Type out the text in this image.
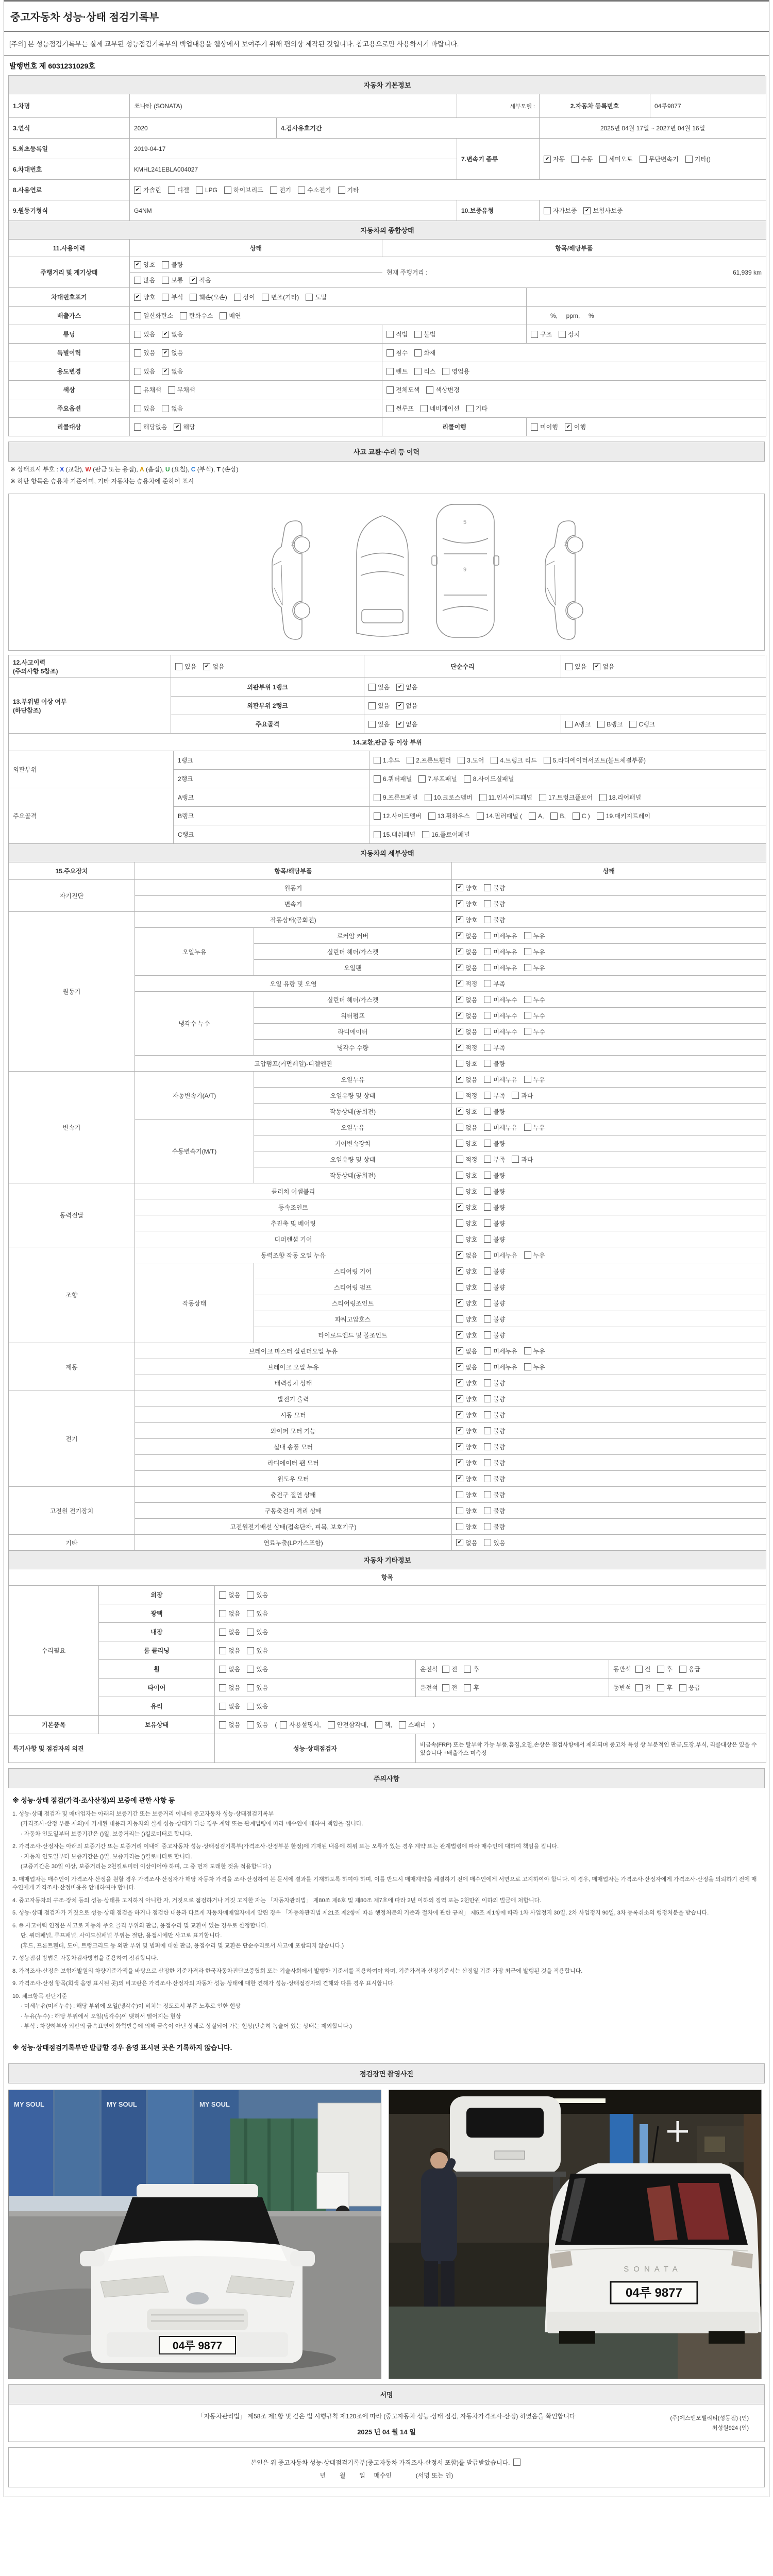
중고자동차 성능·상태 점검기록부
[주의] 본 성능점검기록부는 실제 교부된 성능점검기록부의 백업내용을 웹상에서 보여주기 위해 편의상 제작된 것입니다. 참고용으로만 사용하시기 바랍니다.
발행번호 제 6031231029호
자동차 기본정보
1.차명	쏘나타 (SONATA)	세부모델 :	2.자동차 등록번호	04루9877
3.연식	2020	4.검사유효기간	2025년 04월 17일 ~ 2027년 04월 16일
5.최초등록일	2019-04-17
7.변속기 종류	✔ 자동	수동	세미오토	무단변속기	기타()
6.차대번호	KMHL241EBLA004027
8.사용연료	✔ 가솔린	디젤	LPG	하이브리드	전기	수소전기	기타
9.원동기형식	G4NM	10.보증유형	자가보증 ✔ 보험사보증
자동차의 종합상태
11.사용이력	상태	항목/해당부품
주행거리 및 계기상태
✔ 양호	불량
많음	보통 ✔ 적음
현재 주행거리 :	61,939 km
차대번호표기	✔ 양호	부식	훼손(오손)	상이	변조(기타)	도말
배출가스	일산화탄소	탄화수소	매연	%,     ppm,     %
튜닝	있음 ✔ 없음	적법	불법	구조	장치
특별이력	있음 ✔ 없음	침수	화재
용도변경	있음 ✔ 없음	렌트	리스	영업용
색상	유채색	무채색	전체도색	색상변경
주요옵션	있음	없음	썬루프	네비게이션	기타
리콜대상	해당없음 ✔ 해당	리콜이행	미이행 ✔ 이행
사고 교환·수리 등 이력
※ 상태표시 부호 : X (교환), W (판금 또는 용접), A (흠집), U (요철), C (부식), T (손상)
※ 하단 항목은 승용차 기준이며, 기타 자동차는 승용차에 준하여 표시
2	2
5
9
12.사고이력
(주의사항 5참조)
있음 ✔ 없음	단순수리	있음 ✔ 없음
13.부위별 이상 여부
(하단참조)
외판부위 1랭크	있음 ✔ 없음
외판부위 2랭크	있음 ✔ 없음
주요골격	있음 ✔ 없음	A랭크	B랭크	C랭크
14.교환,판금 등 이상 부위
외판부위
1랭크	1.후드	2.프론트휀더	3.도어	4.트렁크 리드	5.라디에이터서포트(볼트체결부품)
2랭크	6.쿼터패널	7.루프패널	8.사이드실패널
주요골격
A랭크	9.프론트패널	10.크로스멤버	11.인사이드패널	17.트렁크플로어	18.리어패널
B랭크	12.사이드멤버	13.휠하우스	14.필러패널 (	A,	B,	C )	19.패키지트레이
C랭크	15.대쉬패널	16.플로어패널
자동차의 세부상태
15.주요장치	항목/해당부품	상태
자기진단
원동기	✔ 양호	불량
변속기	✔ 양호	불량
원동기
작동상태(공회전)	✔ 양호	불량
오일누유
로커암 커버	✔ 없음	미세누유	누유
실린더 헤더/가스켓	✔ 없음	미세누유	누유
오일팬	✔ 없음	미세누유	누유
오일 유량 및 오염	✔ 적정	부족
냉각수 누수
실린더 헤더/가스켓	✔ 없음	미세누수	누수
워터펌프	✔ 없음	미세누수	누수
라디에이터	✔ 없음	미세누수	누수
냉각수 수량	✔ 적정	부족
고압펌프(커먼레일)-디젤엔진	양호	불량
변속기
자동변속기(A/T)
오일누유	✔ 없음	미세누유	누유
오일유량 및 상태	적정	부족	과다
작동상태(공회전)	✔ 양호	불량
수동변속기(M/T)
오일누유	없음	미세누유	누유
기어변속장치	양호	불량
오일유량 및 상태	적정	부족	과다
작동상태(공회전)	양호	불량
동력전달
클러치 어셈블리	양호	불량
등속조인트	✔ 양호	불량
추진축 및 베어링	양호	불량
디퍼렌셜 기어	양호	불량
조향
동력조향 작동 오일 누유	✔ 없음	미세누유	누유
작동상태
스티어링 기어	✔ 양호	불량
스티어링 펌프	양호	불량
스티어링조인트	✔ 양호	불량
파워고압호스	양호	불량
타이로드엔드 및 볼조인트	✔ 양호	불량
제동
브레이크 마스터 실린더오일 누유	✔ 없음	미세누유	누유
브레이크 오일 누유	✔ 없음	미세누유	누유
배력장치 상태	✔ 양호	불량
전기
발전기 출력	✔ 양호	불량
시동 모터	✔ 양호	불량
와이퍼 모터 기능	✔ 양호	불량
실내 송풍 모터	✔ 양호	불량
라디에이터 팬 모터	✔ 양호	불량
윈도우 모터	✔ 양호	불량
고전원 전기장치
충전구 절연 상태	양호	불량
구동축전지 격리 상태	양호	불량
고전원전기배선 상태(접속단자, 피복, 보호기구)	양호	불량
기타	연료누출(LP가스포함)	✔ 없음	있음
자동차 기타정보
항목
수리필요
외장	없음	있음
광택	없음	있음
내장	없음	있음
룸 클리닝	없음	있음
휠	없음	있음	운전석 전	후	동반석 전	후	응급
타이어	없음	있음	운전석 전	후	동반석 전	후	응급
유리	없음	있음
기본품목	보유상태	없음	있음 ( 사용설명서,	안전삼각대,	잭,	스패너 )
특기사항 및 점검자의 의견	성능·상태점검자
비금속(FRP) 또는 탈부착 가능 부품,흠집,요철,손상은 점검사항에서 제외되며 중고차 특성 상 부분적인 판금,도장,부식, 리콜대상은 있을 수 있습니다 +배출가스 미측정
주의사항
※ 성능·상태 점검(가격·조사산정)의 보증에 관한 사항 등
1. 성능·상태 점검자 및 매매업자는 아래의 보증기간 또는 보증거리 이내에 중고자동차 성능·상태점검기록부
(가격조사·산정 부분 제외)에 기재된 내용과 자동차의 실제 성능·상태가 다른 경우 계약 또는 관계법령에 따라 매수인에 대하여 책임을 집니다.
· 자동차 인도일부터 보증기간은 ()일, 보증거리는 ()킬로미터로 합니다.
2. 가격조사·산정자는 아래의 보증기간 또는 보증거리 이내에 중고자동차 성능·상태점검기록부(가격조사·산정부분 한정)에 기재된 내용에 허위 또는 오류가 있는 경우 계약 또는 관계법령에 따라 매수인에 대하여 책임을 집니다.
· 자동차 인도일부터 보증기간은 ()일, 보증거리는 ()킬로미터로 합니다.
(보증기간은 30일 이상, 보증거리는 2천킬로미터 이상이어야 하며, 그 중 먼저 도래한 것을 적용합니다.)
3. 매매업자는 매수인이 가격조사·산정을 원할 경우 가격조사·산정자가 해당 자동차 가격을 조사·산정하여 본 문서에 결과를 기재하도록 하여야 하며, 이를 반드시 매매계약을 체결하기 전에 매수인에게 서면으로 고지하여야 합니다. 이 경우, 매매업자는 가격조사·산정자에게 가격조사·산정을 의뢰하기 전에 매수인에게 가격조사·산정비용을 안내하여야 합니다.
4. 중고자동차의 구조·장치 등의 성능·상태를 고지하지 아니한 자, 거짓으로 점검하거나 거짓 고지한 자는 「자동차관리법」 제80조 제6호 및 제80조 제7호에 따라 2년 이하의 징역 또는 2천만원 이하의 벌금에 처합니다.
5. 성능·상태 점검자가 거짓으로 성능·상태 점검을 하거나 점검한 내용과 다르게 자동차매매업자에게 알린 경우 「자동차관리법 제21조 제2항에 따른 행정처분의 기준과 절차에 관한 규칙」 제5조 제1항에 따라 1차 사업정지 30일, 2차 사업정지 90일, 3차 등록취소의 행정처분을 받습니다.
6. ⑩ 사고이력 인정은 사고로 자동차 주요 골격 부위의 판금, 용접수리 및 교환이 있는 경우로 한정합니다.
단, 쿼터패널, 루프패널, 사이드실패널 부위는 절단, 용접시에만 사고로 표기합니다.
(후드, 프론트휀더, 도어, 트렁크리드 등 외판 부위 및 범퍼에 대한 판금, 용접수리 및 교환은 단순수리로서 사고에 포함되지 않습니다.)
7. 성능점검 방법은 자동차검사방법을 준용하여 점검합니다.
8. 가격조사·산정은 보험개발원의 차량기준가액을 바탕으로 산정한 기준가격과 한국자동차진단보증협회 또는 기술사회에서 발행한 기준서를 적용하여야 하며, 기준가격과 산정기준서는 산정일 기준 가장 최근에 발행된 것을 적용합니다.
9. 가격조사·산정 항목(회색 음영 표시된 곳)의 비고란은 가격조사·산정자의 자동차 성능·상태에 대한 견해가 성능·상태점검자의 견해와 다를 경우 표시합니다.
10. 체크항목 판단기준
· 미세누유(미세누수) : 해당 부위에 오일(냉각수)이 비치는 정도로서 부품 노후로 인한 현상
· 누유(누수) : 해당 부위에서 오일(냉각수)이 맺혀서 떨어지는 현상
· 부식 : 차량하부와 외판의 금속표면이 화학반응에 의해 금속이 아닌 상태로 상실되어 가는 현상(단순히 녹슬어 있는 상태는 제외합니다.)
※ 성능·상태점검기록부만 발급할 경우 음영 표시된 곳은 기록하지 않습니다.
점검장면 촬영사진
MY SOUL	MY SOUL	MY SOUL
04루 9877
SONATA
04루 9877
서명
「자동차관리법」 제58조 제1항 및 같은 법 시행규칙 제120조에 따라 (중고자동차 성능·상태 점검, 자동차가격조사·산정) 하였음을 확인합니다
2025 년 04 월 14 일
(주)에스앤모빌리티(성동점) (인)
최성원924 (인)
본인은 위 중고자동차 성능·상태점검기록부(중고자동차 가격조사·산정서 포함)를 발급받았습니다.
년        월        일     매수인              (서명 또는 인)
